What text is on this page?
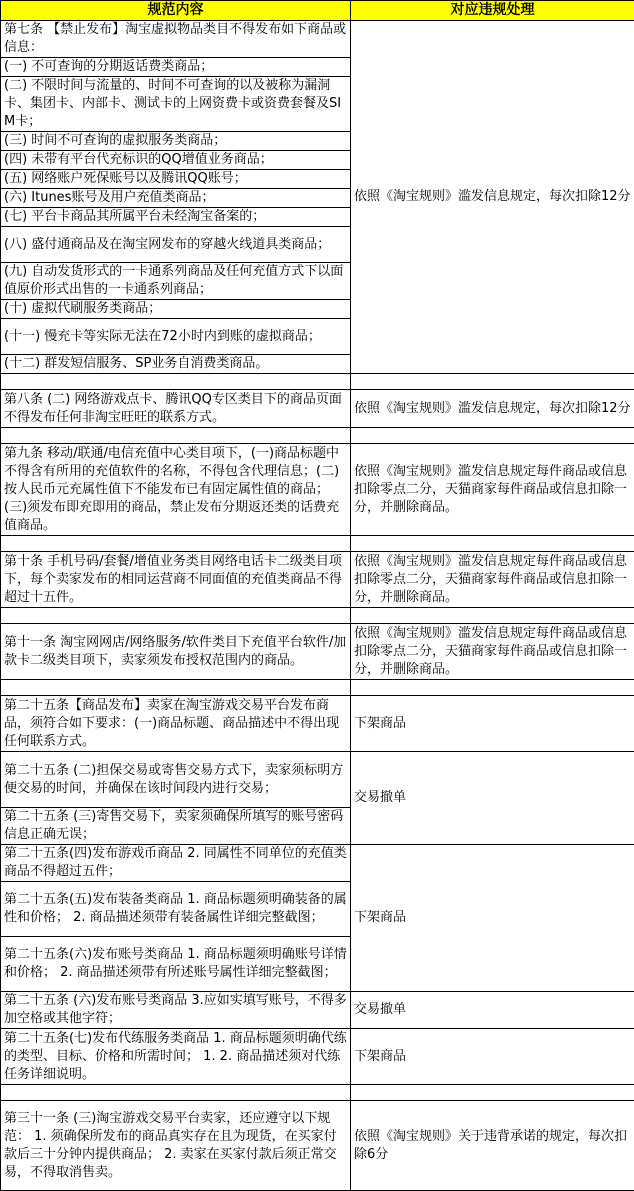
规范内容	对应违规处理
第七条 【禁止发布】淘宝虚拟物品类目不得发布如下商品或信息：	依照《淘宝规则》滥发信息规定，每次扣除12分
(一) 不可查询的分期返话费类商品；	
(二) 不限时间与流量的、时间不可查询的以及被称为漏洞卡、集团卡、内部卡、测试卡的上网资费卡或资费套餐及SIM卡；	
(三) 时间不可查询的虚拟服务类商品；	
(四) 未带有平台代充标识的QQ增值业务商品；	
(五) 网络账户死保账号以及腾讯QQ账号；	
(六) Itunes账号及用户充值类商品；	
(七) 平台卡商品其所属平台未经淘宝备案的；	
(八) 盛付通商品及在淘宝网发布的穿越火线道具类商品；	
(九) 自动发货形式的一卡通系列商品及任何充值方式下以面值原价形式出售的一卡通系列商品；	
(十) 虚拟代刷服务类商品；	
(十一) 慢充卡等实际无法在72小时内到账的虚拟商品；	
(十二) 群发短信服务、SP业务自消费类商品。	

第八条 (二) 网络游戏点卡、腾讯QQ专区类目下的商品页面不得发布任何非淘宝旺旺的联系方式。	依照《淘宝规则》滥发信息规定，每次扣除12分

第九条 移动/联通/电信充值中心类目项下，(一)商品标题中不得含有所用的充值软件的名称，不得包含代理信息；(二)按人民币元充属性值下不能发布已有固定属性值的商品；(三)须发布即充即用的商品，禁止发布分期返还类的话费充值商品。	依照《淘宝规则》滥发信息规定每件商品或信息扣除零点二分，天猫商家每件商品或信息扣除一分，并删除商品。

第十条 手机号码/套餐/增值业务类目网络电话卡二级类目项下，每个卖家发布的相同运营商不同面值的充值类商品不得超过十五件。	依照《淘宝规则》滥发信息规定每件商品或信息扣除零点二分，天猫商家每件商品或信息扣除一分，并删除商品。

第十一条 淘宝网网店/网络服务/软件类目下充值平台软件/加款卡二级类目项下，卖家须发布授权范围内的商品。	依照《淘宝规则》滥发信息规定每件商品或信息扣除零点二分，天猫商家每件商品或信息扣除一分，并删除商品。

第二十五条【商品发布】卖家在淘宝游戏交易平台发布商品，须符合如下要求：(一)商品标题、商品描述中不得出现任何联系方式。	下架商品
第二十五条 (二)担保交易或寄售交易方式下，卖家须标明方便交易的时间，并确保在该时间段内进行交易；	交易撤单
第二十五条 (三)寄售交易下，卖家须确保所填写的账号密码信息正确无误；	
第二十五条(四)发布游戏币商品 2. 同属性不同单位的充值类商品不得超过五件；	下架商品
第二十五条(五)发布装备类商品 1. 商品标题须明确装备的属性和价格； 2. 商品描述须带有装备属性详细完整截图；	
第二十五条(六)发布账号类商品 1. 商品标题须明确账号详情和价格； 2. 商品描述须带有所述账号属性详细完整截图；	
第二十五条 (六)发布账号类商品 3.应如实填写账号，不得多加空格或其他字符；	交易撤单
第二十五条(七)发布代练服务类商品 1. 商品标题须明确代练的类型、目标、价格和所需时间； 1. 2. 商品描述须对代练任务详细说明。	下架商品

第三十一条 (三)淘宝游戏交易平台卖家，还应遵守以下规范： 1. 须确保所发布的商品真实存在且为现货，在买家付款后三十分钟内提供商品； 2. 卖家在买家付款后须正常交易，不得取消售卖。	依照《淘宝规则》关于违背承诺的规定，每次扣除6分
